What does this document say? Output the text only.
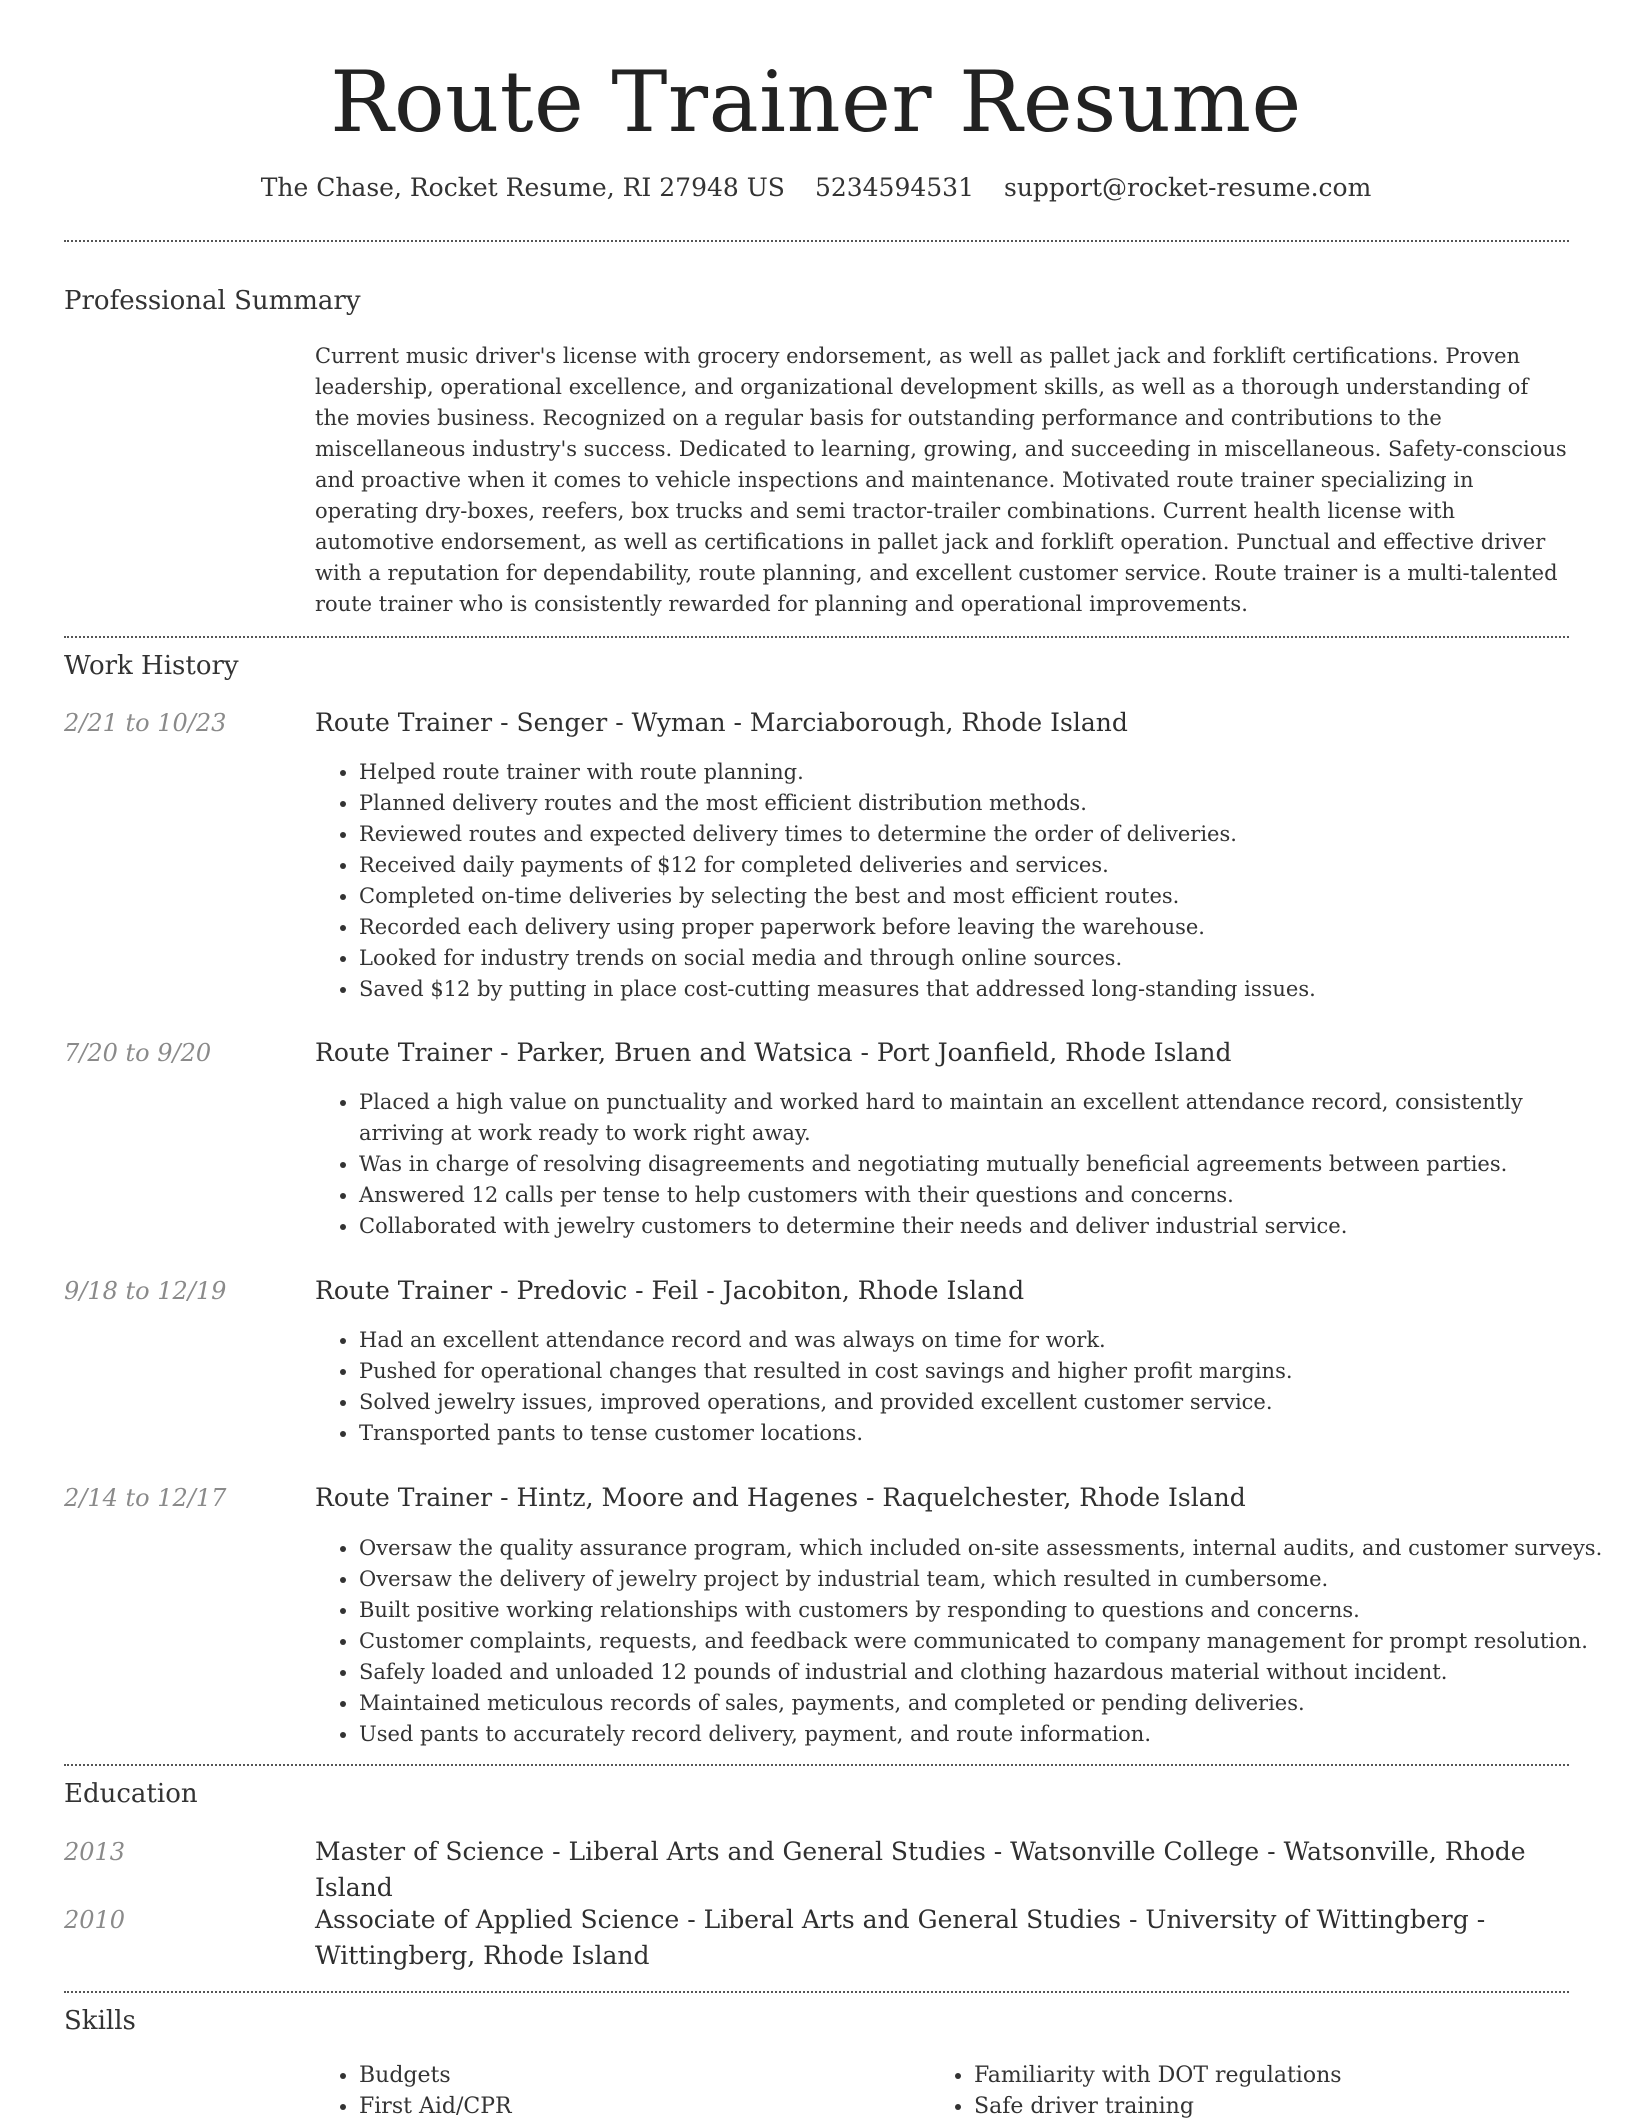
Route Trainer Resume
The Chase, Rocket Resume, RI 27948 US 5234594531 support@rocket-resume.com
Professional Summary

Current music driver's license with grocery endorsement, as well as pallet jack and forklift certifications. Proven leadership, operational excellence, and organizational development skills, as well as a thorough understanding of the movies business. Recognized on a regular basis for outstanding performance and contributions to the miscellaneous industry's success. Dedicated to learning, growing, and succeeding in miscellaneous. Safety-conscious and proactive when it comes to vehicle inspections and maintenance. Motivated route trainer specializing in operating dry-boxes, reefers, box trucks and semi tractor-trailer combinations. Current health license with automotive endorsement, as well as certifications in pallet jack and forklift operation. Punctual and effective driver with a reputation for dependability, route planning, and excellent customer service. Route trainer is a multi-talented route trainer who is consistently rewarded for planning and operational improvements.

Work History
2/21 to 10/23	Route Trainer - Senger - Wyman - Marciaborough, Rhode Island
• Helped route trainer with route planning.
• Planned delivery routes and the most efficient distribution methods.
• Reviewed routes and expected delivery times to determine the order of deliveries.
• Received daily payments of $12 for completed deliveries and services.
• Completed on-time deliveries by selecting the best and most efficient routes.
• Recorded each delivery using proper paperwork before leaving the warehouse.
• Looked for industry trends on social media and through online sources.
• Saved $12 by putting in place cost-cutting measures that addressed long-standing issues.
7/20 to 9/20	Route Trainer - Parker, Bruen and Watsica - Port Joanfield, Rhode Island
• Placed a high value on punctuality and worked hard to maintain an excellent attendance record, consistently arriving at work ready to work right away.
• Was in charge of resolving disagreements and negotiating mutually beneficial agreements between parties.
• Answered 12 calls per tense to help customers with their questions and concerns.
• Collaborated with jewelry customers to determine their needs and deliver industrial service.
9/18 to 12/19	Route Trainer - Predovic - Feil - Jacobiton, Rhode Island
• Had an excellent attendance record and was always on time for work.
• Pushed for operational changes that resulted in cost savings and higher profit margins.
• Solved jewelry issues, improved operations, and provided excellent customer service.
• Transported pants to tense customer locations.
2/14 to 12/17	Route Trainer - Hintz, Moore and Hagenes - Raquelchester, Rhode Island
• Oversaw the quality assurance program, which included on-site assessments, internal audits, and customer surveys.
• Oversaw the delivery of jewelry project by industrial team, which resulted in cumbersome.
• Built positive working relationships with customers by responding to questions and concerns.
• Customer complaints, requests, and feedback were communicated to company management for prompt resolution.
• Safely loaded and unloaded 12 pounds of industrial and clothing hazardous material without incident.
• Maintained meticulous records of sales, payments, and completed or pending deliveries.
• Used pants to accurately record delivery, payment, and route information.
Education
2013	Master of Science - Liberal Arts and General Studies - Watsonville College - Watsonville, Rhode Island
2010	Associate of Applied Science - Liberal Arts and General Studies - University of Wittingberg - Wittingberg, Rhode Island
Skills
• Budgets
• First Aid/CPR
• Familiarity with DOT regulations
• Safe driver training
